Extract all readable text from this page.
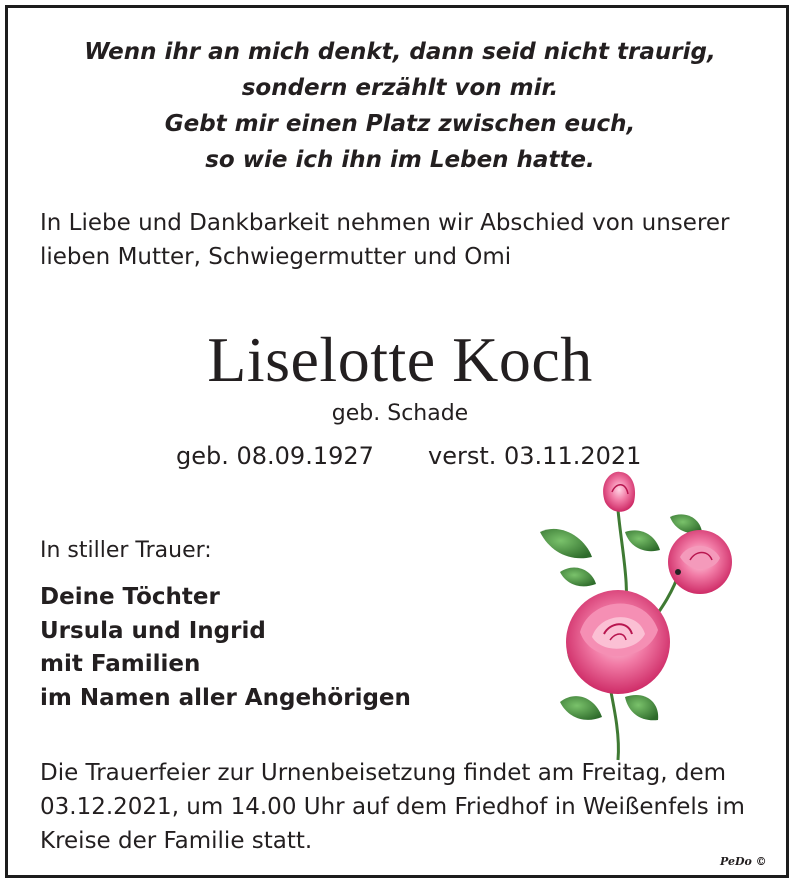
Wenn ihr an mich denkt, dann seid nicht traurig,
sondern erzählt von mir.
Gebt mir einen Platz zwischen euch,
so wie ich ihn im Leben hatte.
In Liebe und Dankbarkeit nehmen wir Abschied von unserer
lieben Mutter, Schwiegermutter und Omi
Liselotte Koch
geb. Schade
geb. 08.09.1927 verst. 03.11.2021
In stiller Trauer:
Deine Töchter
Ursula und Ingrid
mit Familien
im Namen aller Angehörigen
Die Trauerfeier zur Urnenbeisetzung findet am Freitag, dem
03.12.2021, um 14.00 Uhr auf dem Friedhof in Weißenfels im
Kreise der Familie statt.
PeDo ©
